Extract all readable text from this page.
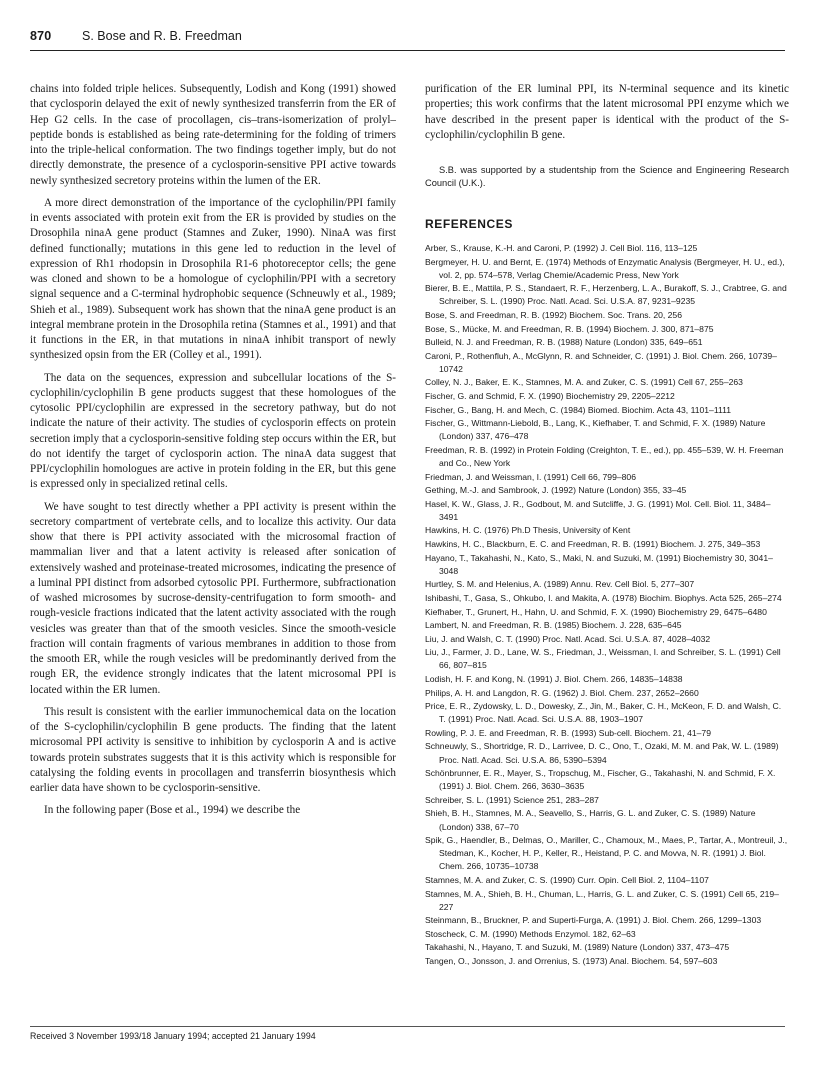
870 S. Bose and R. B. Freedman

chains into folded triple helices. Subsequently, Lodish and Kong (1991) showed that cyclosporin delayed the exit of newly synthesized transferrin from the ER of Hep G2 cells. In the case of procollagen, cis–trans-isomerization of prolyl–peptide bonds is established as being rate-determining for the folding of trimers into the triple-helical conformation. The two findings together imply, but do not directly demonstrate, the presence of a cyclosporin-sensitive PPI active towards newly synthesized secretory proteins within the lumen of the ER.

A more direct demonstration of the importance of the cyclophilin/PPI family in events associated with protein exit from the ER is provided by studies on the Drosophila ninaA gene product (Stamnes and Zuker, 1990). NinaA was first defined functionally; mutations in this gene led to reduction in the level of expression of Rh1 rhodopsin in Drosophila R1-6 photoreceptor cells; the gene was cloned and shown to be a homologue of cyclophilin/PPI with a secretory signal sequence and a C-terminal hydrophobic sequence (Schneuwly et al., 1989; Shieh et al., 1989). Subsequent work has shown that the ninaA gene product is an integral membrane protein in the Drosophila retina (Stamnes et al., 1991) and that it functions in the ER, in that mutations in ninaA inhibit transport of newly synthesized opsin from the ER (Colley et al., 1991).

The data on the sequences, expression and subcellular locations of the S-cyclophilin/cyclophilin B gene products suggest that these homologues of the cytosolic PPI/cyclophilin are expressed in the secretory pathway, but do not indicate the nature of their activity. The studies of cyclosporin effects on protein secretion imply that a cyclosporin-sensitive folding step occurs within the ER, but do not identify the target of cyclosporin action. The ninaA data suggest that PPI/cyclophilin homologues are active in protein folding in the ER, but this gene is expressed only in specialized retinal cells.

We have sought to test directly whether a PPI activity is present within the secretory compartment of vertebrate cells, and to localize this activity. Our data show that there is PPI activity associated with the microsomal fraction of mammalian liver and that a latent activity is released after sonication of extensively washed and proteinase-treated microsomes, indicating the presence of a luminal PPI distinct from adsorbed cytosolic PPI. Furthermore, subfractionation of washed microsomes by sucrose-density-centrifugation to form smooth- and rough-vesicle fractions indicated that the latent activity associated with the rough vesicles was greater than that of the smooth vesicles. Since the smooth-vesicle fraction will contain fragments of various membranes in addition to those from the smooth ER, while the rough vesicles will be predominantly derived from the rough ER, the evidence strongly indicates that the latent microsomal PPI is located within the ER lumen.

This result is consistent with the earlier immunochemical data on the location of the S-cyclophilin/cyclophilin B gene products. The finding that the latent microsomal PPI activity is sensitive to inhibition by cyclosporin A and is active towards protein substrates suggests that it is this activity which is responsible for catalysing the folding events in procollagen and transferrin biosynthesis which earlier data have shown to be cyclosporin-sensitive.

In the following paper (Bose et al., 1994) we describe the

purification of the ER luminal PPI, its N-terminal sequence and its kinetic properties; this work confirms that the latent microsomal PPI enzyme which we have described in the present paper is identical with the product of the S-cyclophilin/cyclophilin B gene.

S.B. was supported by a studentship from the Science and Engineering Research Council (U.K.).

REFERENCES
Arber, S., Krause, K.-H. and Caroni, P. (1992) J. Cell Biol. 116, 113–125
Bergmeyer, H. U. and Bernt, E. (1974) Methods of Enzymatic Analysis (Bergmeyer, H. U., ed.), vol. 2, pp. 574–578, Verlag Chemie/Academic Press, New York
Bierer, B. E., Mattila, P. S., Standaert, R. F., Herzenberg, L. A., Burakoff, S. J., Crabtree, G. and Schreiber, S. L. (1990) Proc. Natl. Acad. Sci. U.S.A. 87, 9231–9235
Bose, S. and Freedman, R. B. (1992) Biochem. Soc. Trans. 20, 256
Bose, S., Mücke, M. and Freedman, R. B. (1994) Biochem. J. 300, 871–875
Bulleid, N. J. and Freedman, R. B. (1988) Nature (London) 335, 649–651
Caroni, P., Rothenfluh, A., McGlynn, R. and Schneider, C. (1991) J. Biol. Chem. 266, 10739–10742
Colley, N. J., Baker, E. K., Stamnes, M. A. and Zuker, C. S. (1991) Cell 67, 255–263
Fischer, G. and Schmid, F. X. (1990) Biochemistry 29, 2205–2212
Fischer, G., Bang, H. and Mech, C. (1984) Biomed. Biochim. Acta 43, 1101–1111
Fischer, G., Wittmann-Liebold, B., Lang, K., Kiefhaber, T. and Schmid, F. X. (1989) Nature (London) 337, 476–478
Freedman, R. B. (1992) in Protein Folding (Creighton, T. E., ed.), pp. 455–539, W. H. Freeman and Co., New York
Friedman, J. and Weissman, I. (1991) Cell 66, 799–806
Gething, M.-J. and Sambrook, J. (1992) Nature (London) 355, 33–45
Hasel, K. W., Glass, J. R., Godbout, M. and Sutcliffe, J. G. (1991) Mol. Cell. Biol. 11, 3484–3491
Hawkins, H. C. (1976) Ph.D Thesis, University of Kent
Hawkins, H. C., Blackburn, E. C. and Freedman, R. B. (1991) Biochem. J. 275, 349–353
Hayano, T., Takahashi, N., Kato, S., Maki, N. and Suzuki, M. (1991) Biochemistry 30, 3041–3048
Hurtley, S. M. and Helenius, A. (1989) Annu. Rev. Cell Biol. 5, 277–307
Ishibashi, T., Gasa, S., Ohkubo, I. and Makita, A. (1978) Biochim. Biophys. Acta 525, 265–274
Kiefhaber, T., Grunert, H., Hahn, U. and Schmid, F. X. (1990) Biochemistry 29, 6475–6480
Lambert, N. and Freedman, R. B. (1985) Biochem. J. 228, 635–645
Liu, J. and Walsh, C. T. (1990) Proc. Natl. Acad. Sci. U.S.A. 87, 4028–4032
Liu, J., Farmer, J. D., Lane, W. S., Friedman, J., Weissman, I. and Schreiber, S. L. (1991) Cell 66, 807–815
Lodish, H. F. and Kong, N. (1991) J. Biol. Chem. 266, 14835–14838
Philips, A. H. and Langdon, R. G. (1962) J. Biol. Chem. 237, 2652–2660
Price, E. R., Zydowsky, L. D., Dowesky, Z., Jin, M., Baker, C. H., McKeon, F. D. and Walsh, C. T. (1991) Proc. Natl. Acad. Sci. U.S.A. 88, 1903–1907
Rowling, P. J. E. and Freedman, R. B. (1993) Sub-cell. Biochem. 21, 41–79
Schneuwly, S., Shortridge, R. D., Larrivee, D. C., Ono, T., Ozaki, M. M. and Pak, W. L. (1989) Proc. Natl. Acad. Sci. U.S.A. 86, 5390–5394
Schönbrunner, E. R., Mayer, S., Tropschug, M., Fischer, G., Takahashi, N. and Schmid, F. X. (1991) J. Biol. Chem. 266, 3630–3635
Schreiber, S. L. (1991) Science 251, 283–287
Shieh, B. H., Stamnes, M. A., Seavello, S., Harris, G. L. and Zuker, C. S. (1989) Nature (London) 338, 67–70
Spik, G., Haendler, B., Delmas, O., Mariller, C., Chamoux, M., Maes, P., Tartar, A., Montreuil, J., Stedman, K., Kocher, H. P., Keller, R., Heistand, P. C. and Movva, N. R. (1991) J. Biol. Chem. 266, 10735–10738
Stamnes, M. A. and Zuker, C. S. (1990) Curr. Opin. Cell Biol. 2, 1104–1107
Stamnes, M. A., Shieh, B. H., Chuman, L., Harris, G. L. and Zuker, C. S. (1991) Cell 65, 219–227
Steinmann, B., Bruckner, P. and Superti-Furga, A. (1991) J. Biol. Chem. 266, 1299–1303
Stoscheck, C. M. (1990) Methods Enzymol. 182, 62–63
Takahashi, N., Hayano, T. and Suzuki, M. (1989) Nature (London) 337, 473–475
Tangen, O., Jonsson, J. and Orrenius, S. (1973) Anal. Biochem. 54, 597–603
Received 3 November 1993/18 January 1994; accepted 21 January 1994
